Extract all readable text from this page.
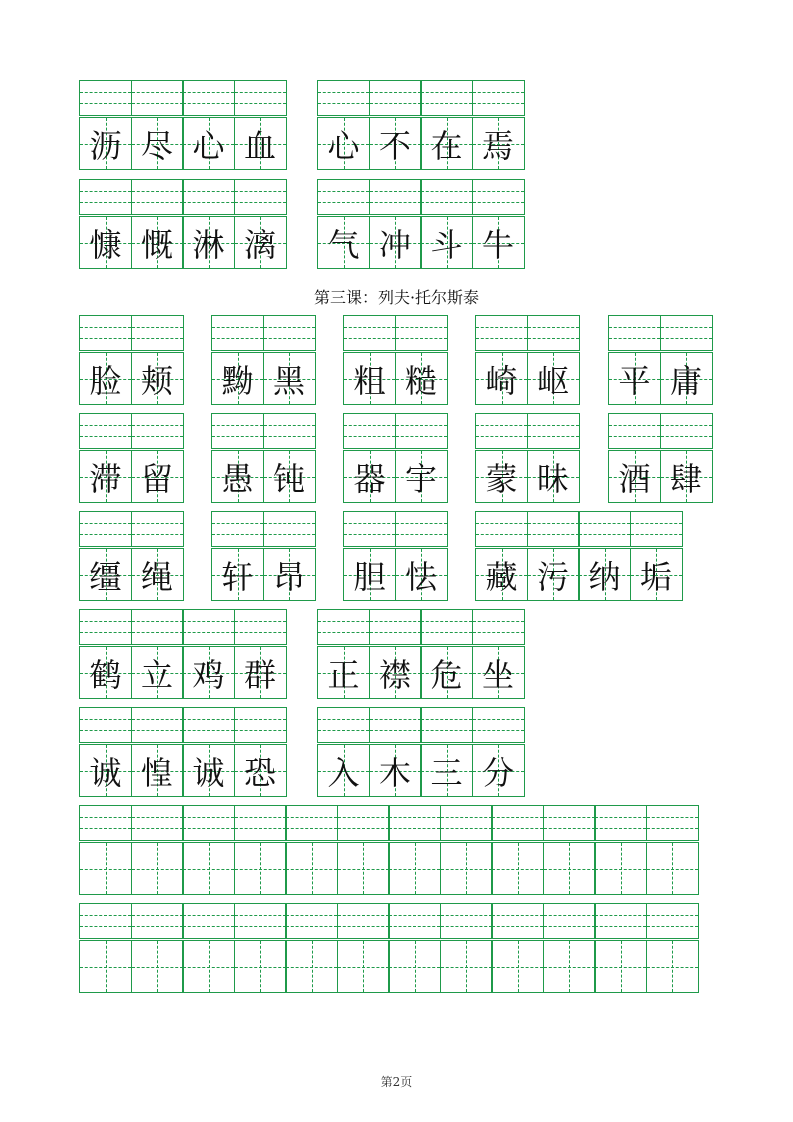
沥 尽 心 血 心 不 在 焉
慷 慨 淋 漓 气 冲 斗 牛
脸 颊 黝 黑 粗 糙 崎 岖 平 庸
滞 留 愚 钝 器 宇 蒙 昧 酒 肆
缰 绳 轩 昂 胆 怯 藏 污 纳 垢
鹤 立 鸡 群 正 襟 危 坐
诚 惶 诚 恐 入 木 三 分
第三课：列夫·托尔斯泰
第2页
